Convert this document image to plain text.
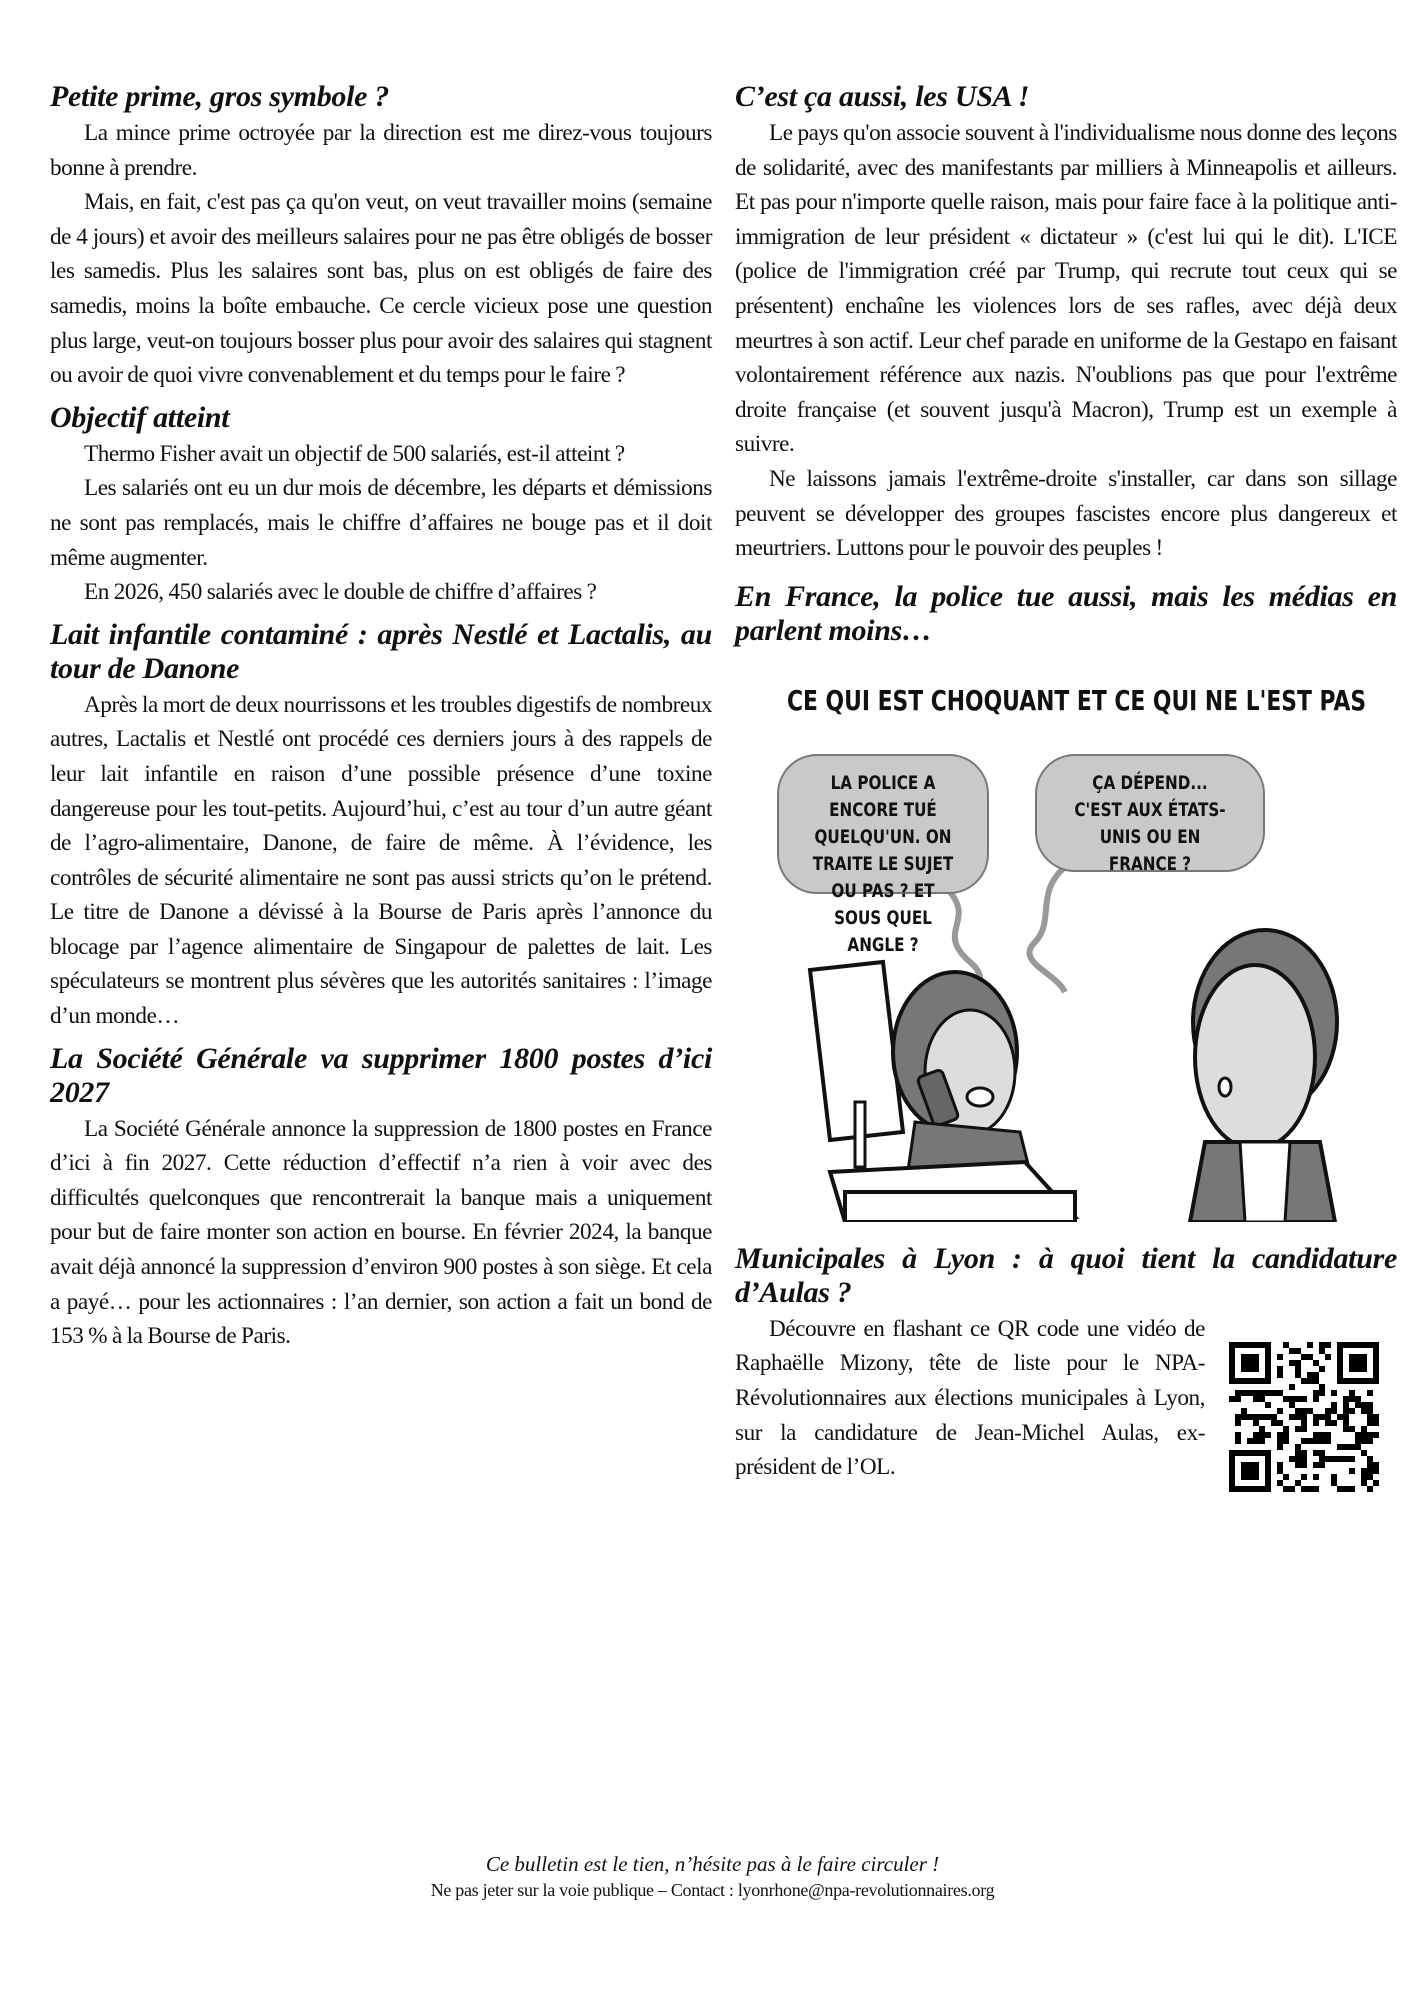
Petite prime, gros symbole ?

La mince prime octroyée par la direction est me direz-vous toujours bonne à prendre.

Mais, en fait, c'est pas ça qu'on veut, on veut travailler moins (semaine de 4 jours) et avoir des meilleurs salaires pour ne pas être obligés de bosser les samedis. Plus les salaires sont bas, plus on est obligés de faire des samedis, moins la boîte embauche. Ce cercle vicieux pose une question plus large, veut-on toujours bosser plus pour avoir des salaires qui stagnent ou avoir de quoi vivre convenablement et du temps pour le faire ?

Objectif atteint

Thermo Fisher avait un objectif de 500 salariés, est-il atteint ?

Les salariés ont eu un dur mois de décembre, les départs et démissions ne sont pas remplacés, mais le chiffre d’affaires ne bouge pas et il doit même augmenter.

En 2026, 450 salariés avec le double de chiffre d’affaires ?

Lait infantile contaminé : après Nestlé et Lactalis, au tour de Danone

Après la mort de deux nourrissons et les troubles digestifs de nombreux autres, Lactalis et Nestlé ont procédé ces derniers jours à des rappels de leur lait infantile en raison d’une possible présence d’une toxine dangereuse pour les tout-petits. Aujourd’hui, c’est au tour d’un autre géant de l’agro-alimentaire, Danone, de faire de même. À l’évidence, les contrôles de sécurité alimentaire ne sont pas aussi stricts qu’on le prétend. Le titre de Danone a dévissé à la Bourse de Paris après l’annonce du blocage par l’agence alimentaire de Singapour de palettes de lait. Les spéculateurs se montrent plus sévères que les autorités sanitaires : l’image d’un monde…

La Société Générale va supprimer 1800 postes d’ici 2027

La Société Générale annonce la suppression de 1800 postes en France d’ici à fin 2027. Cette réduction d’effectif n’a rien à voir avec des difficultés quelconques que rencontrerait la banque mais a uniquement pour but de faire monter son action en bourse. En février 2024, la banque avait déjà annoncé la suppression d’environ 900 postes à son siège. Et cela a payé… pour les actionnaires : l’an dernier, son action a fait un bond de 153 % à la Bourse de Paris.

C’est ça aussi, les USA !

Le pays qu'on associe souvent à l'individualisme nous donne des leçons de solidarité, avec des manifestants par milliers à Minneapolis et ailleurs. Et pas pour n'importe quelle raison, mais pour faire face à la politique anti-immigration de leur président « dictateur » (c'est lui qui le dit). L'ICE (police de l'immigration créé par Trump, qui recrute tout ceux qui se présentent) enchaîne les violences lors de ses rafles, avec déjà deux meurtres à son actif. Leur chef parade en uniforme de la Gestapo en faisant volontairement référence aux nazis. N'oublions pas que pour l'extrême droite française (et souvent jusqu'à Macron), Trump est un exemple à suivre.

Ne laissons jamais l'extrême-droite s'installer, car dans son sillage peuvent se développer des groupes fascistes encore plus dangereux et meurtriers. Luttons pour le pouvoir des peuples !

En France, la police tue aussi, mais les médias en parlent moins…
CE QUI EST CHOQUANT ET CE QUI NE L'EST PAS
LA POLICE A ENCORE TUÉ QUELQU'UN. ON TRAITE LE SUJET OU PAS ? ET SOUS QUEL ANGLE ?
ÇA DÉPEND... C'EST AUX ÉTATS-UNIS OU EN FRANCE ?
Municipales à Lyon : à quoi tient la candidature d’Aulas ?

Découvre en flashant ce QR code une vidéo de Raphaëlle Mizony, tête de liste pour le NPA-Révolutionnaires aux élections municipales à Lyon, sur la candidature de Jean-Michel Aulas, ex-président de l’OL.

Ce bulletin est le tien, n’hésite pas à le faire circuler !
Ne pas jeter sur la voie publique – Contact : lyonrhone@npa-revolutionnaires.org
